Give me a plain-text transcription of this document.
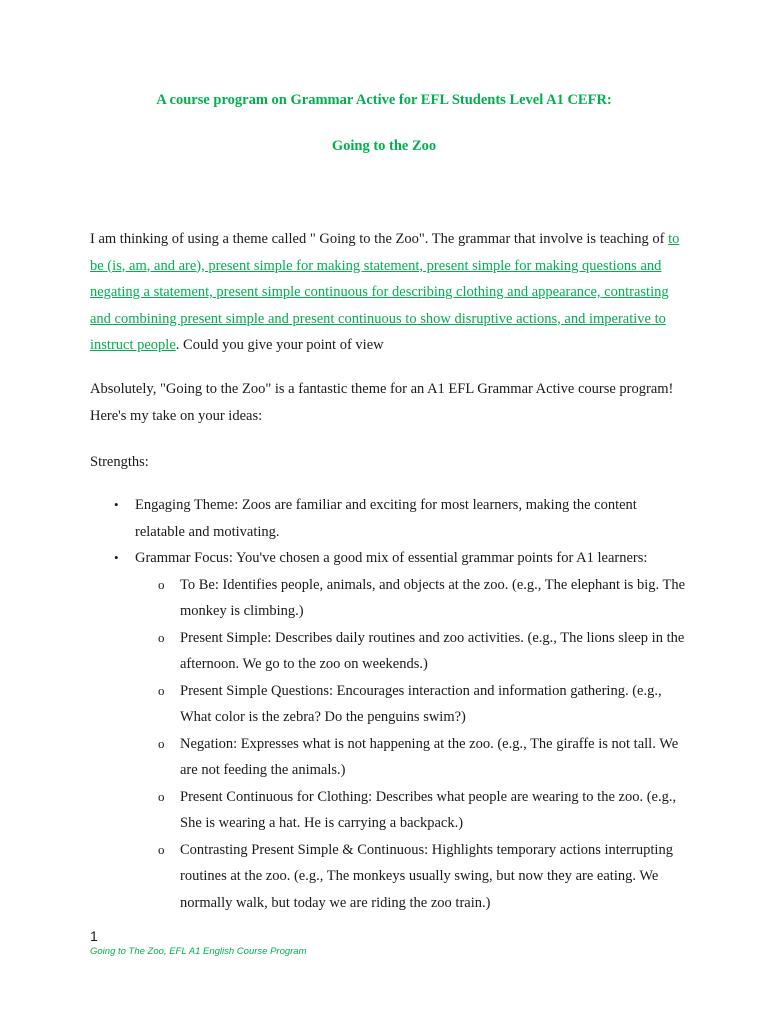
A course program on Grammar Active for EFL Students Level A1 CEFR:
Going to the Zoo
I am thinking of using a theme called " Going to the Zoo". The grammar that involve is teaching of to be (is, am, and are), present simple for making statement, present simple for making questions and negating a statement, present simple continuous for describing clothing and appearance, contrasting and combining present simple and present continuous to show disruptive actions, and imperative to instruct people. Could you give your point of view
Absolutely, "Going to the Zoo" is a fantastic theme for an A1 EFL Grammar Active course program! Here's my take on your ideas:
Strengths:
• Engaging Theme: Zoos are familiar and exciting for most learners, making the content relatable and motivating.
• Grammar Focus: You've chosen a good mix of essential grammar points for A1 learners:
o To Be: Identifies people, animals, and objects at the zoo. (e.g., The elephant is big. The monkey is climbing.)
o Present Simple: Describes daily routines and zoo activities. (e.g., The lions sleep in the afternoon. We go to the zoo on weekends.)
o Present Simple Questions: Encourages interaction and information gathering. (e.g., What color is the zebra? Do the penguins swim?)
o Negation: Expresses what is not happening at the zoo. (e.g., The giraffe is not tall. We are not feeding the animals.)
o Present Continuous for Clothing: Describes what people are wearing to the zoo. (e.g., She is wearing a hat. He is carrying a backpack.)
o Contrasting Present Simple & Continuous: Highlights temporary actions interrupting routines at the zoo. (e.g., The monkeys usually swing, but now they are eating. We normally walk, but today we are riding the zoo train.)
1
Going to The Zoo, EFL A1 English Course Program
